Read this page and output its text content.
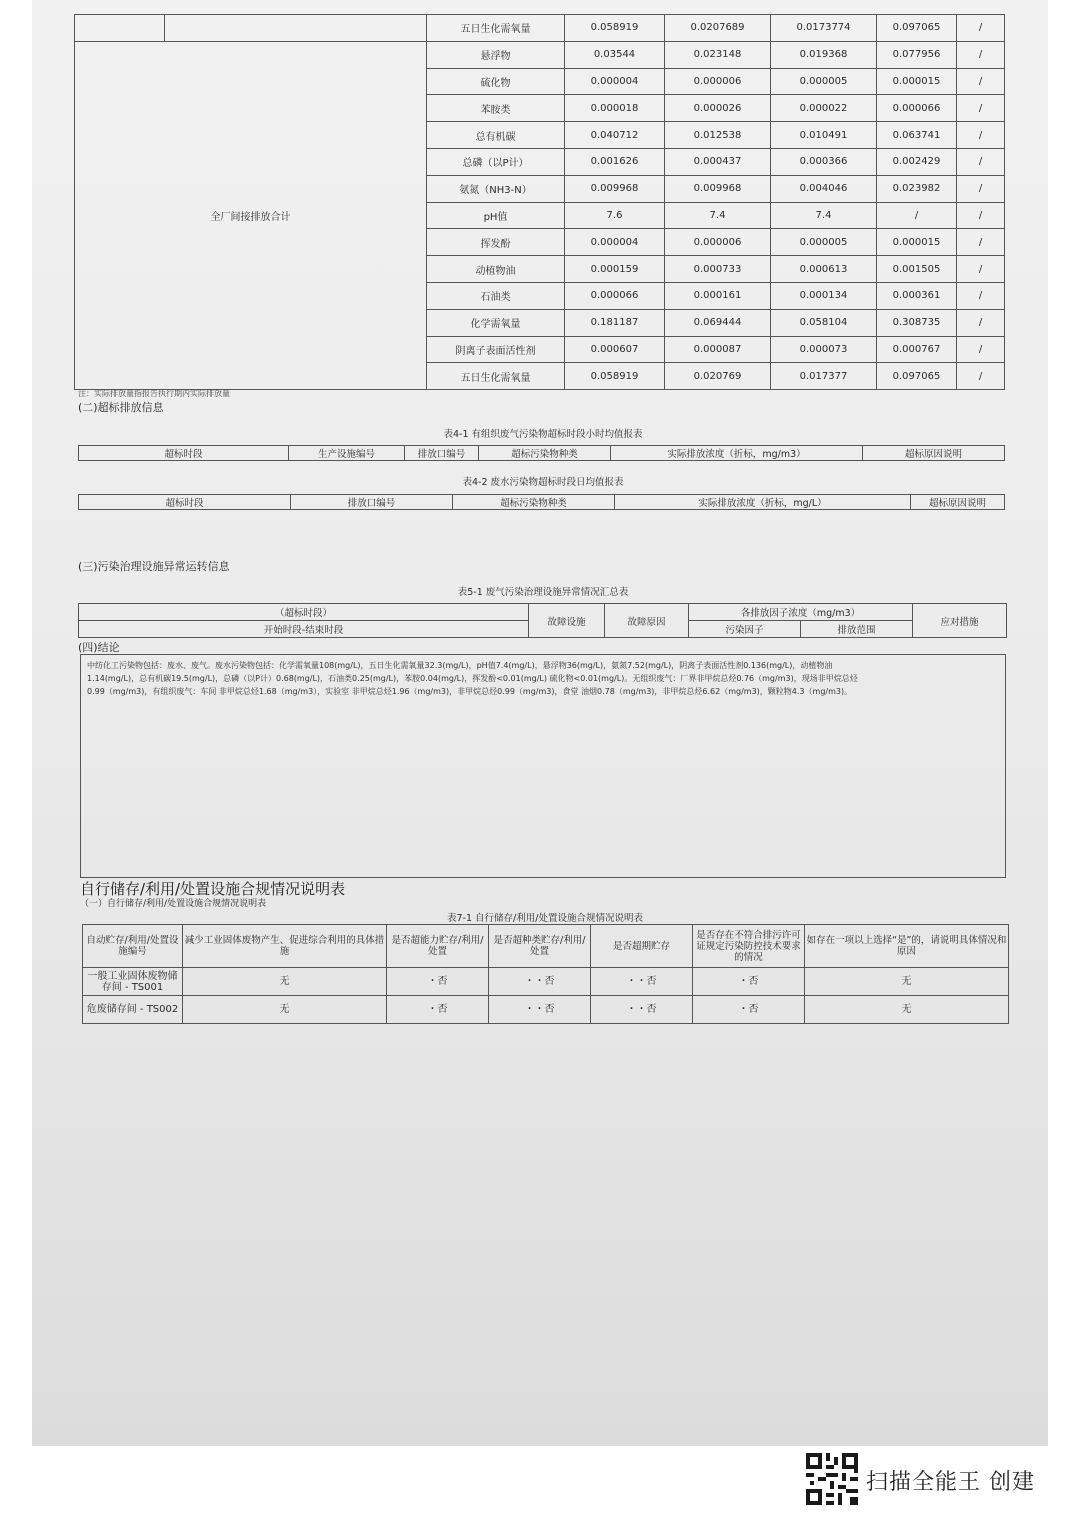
		五日生化需氧量	0.058919	0.0207689	0.0173774	0.097065	/
全厂间接排放合计		悬浮物	0.03544	0.023148	0.019368	0.077956	/
		硫化物	0.000004	0.000006	0.000005	0.000015	/
		苯胺类	0.000018	0.000026	0.000022	0.000066	/
		总有机碳	0.040712	0.012538	0.010491	0.063741	/
		总磷（以P计）	0.001626	0.000437	0.000366	0.002429	/
		氨氮（NH3-N）	0.009968	0.009968	0.004046	0.023982	/
		pH值	7.6	7.4	7.4	/	/
		挥发酚	0.000004	0.000006	0.000005	0.000015	/
		动植物油	0.000159	0.000733	0.000613	0.001505	/
		石油类	0.000066	0.000161	0.000134	0.000361	/
		化学需氧量	0.181187	0.069444	0.058104	0.308735	/
		阴离子表面活性剂	0.000607	0.000087	0.000073	0.000767	/
		五日生化需氧量	0.058919	0.020769	0.017377	0.097065	/
注：实际排放量指报告执行期内实际排放量
(二)超标排放信息
表4-1 有组织废气污染物超标时段小时均值报表
超标时段	生产设施编号	排放口编号	超标污染物种类	实际排放浓度（折标，mg/m3）	超标原因说明
表4-2 废水污染物超标时段日均值报表
超标时段	排放口编号	超标污染物种类	实际排放浓度（折标，mg/L）	超标原因说明
(三)污染治理设施异常运转信息
表5-1 废气污染治理设施异常情况汇总表
（超标时段）	故障设施	故障原因	各排放因子浓度（mg/m3）		应对措施
开始时段-结束时段			污染因子	排放范围	
(四)结论
中纺化工污染物包括：废水、废气。废水污染物包括：化学需氧量108(mg/L)，五日生化需氧量32.3(mg/L)，pH值7.4(mg/L)，悬浮物36(mg/L)，氨氮7.52(mg/L)，阴离子表面活性剂0.136(mg/L)，动植物油
1.14(mg/L)，总有机碳19.5(mg/L)，总磷（以P计）0.68(mg/L)，石油类0.25(mg/L)，苯胺0.04(mg/L)，挥发酚<0.01(mg/L) 硫化物<0.01(mg/L)。无组织废气：厂界非甲烷总烃0.76（mg/m3)，现场非甲烷总烃
0.99（mg/m3)，有组织废气：车间 非甲烷总烃1.68（mg/m3），实验室 非甲烷总烃1.96（mg/m3)，非甲烷总烃0.99（mg/m3)，食堂 油烟0.78（mg/m3)，非甲烷总烃6.62（mg/m3)，颗粒物4.3（mg/m3)。
自行储存/利用/处置设施合规情况说明表
（一）自行储存/利用/处置设施合规情况说明表
表7-1 自行储存/利用/处置设施合规情况说明表
自动贮存/利用/处置设施编号	减少工业固体废物产生、促进综合利用的具体措施	是否超能力贮存/利用/处置	是否超种类贮存/利用/处置	是否超期贮存	是否存在不符合排污许可证规定污染防控技术要求的情况	如存在一项以上选择“是”的，请说明具体情况和原因
一般工业固体废物储存间 - TS001	无	・否	・・否	・・否	・否	无
危废储存间 - TS002	无	・否	・・否	・・否	・否	无
扫描全能王 创建
